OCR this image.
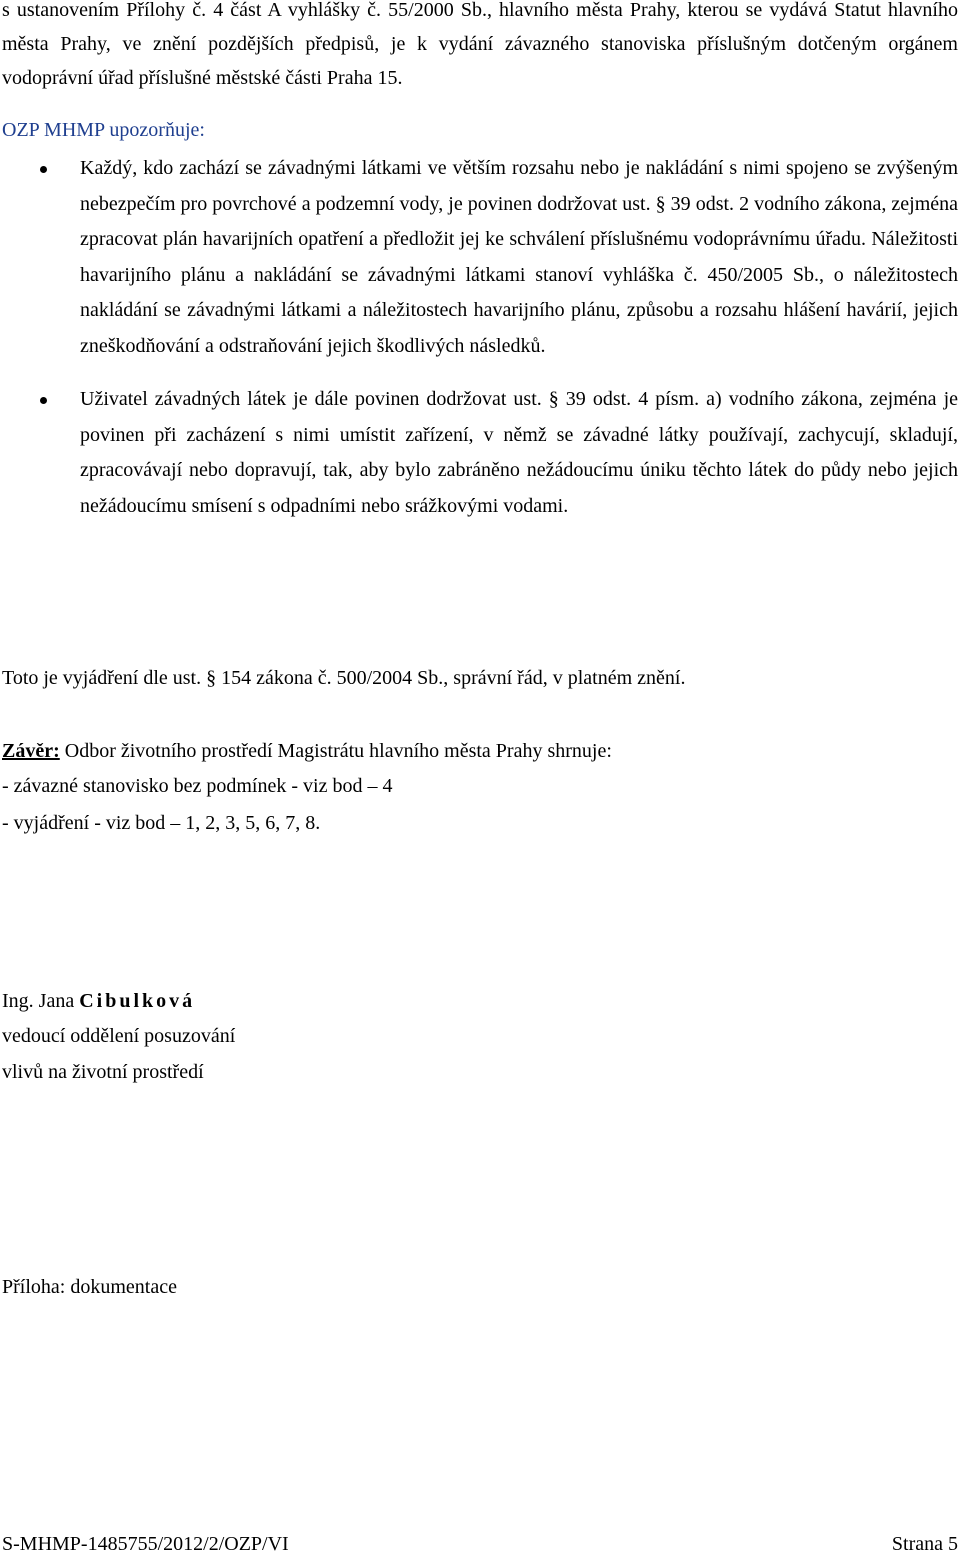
s ustanovením Přílohy č. 4 část A vyhlášky č. 55/2000 Sb., hlavního města Prahy, kterou se vydává Statut hlavního města Prahy, ve znění pozdějších předpisů, je k vydání závazného stanoviska příslušným dotčeným orgánem vodoprávní úřad příslušné městské části Praha 15.

OZP MHMP upozorňuje:
Každý, kdo zachází se závadnými látkami ve větším rozsahu nebo je nakládání s nimi spojeno se zvýšeným nebezpečím pro povrchové a podzemní vody, je povinen dodržovat ust. § 39 odst. 2 vodního zákona, zejména zpracovat plán havarijních opatření a předložit jej ke schválení příslušnému vodoprávnímu úřadu. Náležitosti havarijního plánu a nakládání se závadnými látkami stanoví vyhláška č. 450/2005 Sb., o náležitostech nakládání se závadnými látkami a náležitostech havarijního plánu, způsobu a rozsahu hlášení havárií, jejich zneškodňování a odstraňování jejich škodlivých následků.
Uživatel závadných látek je dále povinen dodržovat ust. § 39 odst. 4 písm. a) vodního zákona, zejména je povinen při zacházení s nimi umístit zařízení, v němž se závadné látky používají, zachycují, skladují, zpracovávají nebo dopravují, tak, aby bylo zabráněno nežádoucímu úniku těchto látek do půdy nebo jejich nežádoucímu smísení s odpadními nebo srážkovými vodami.
Toto je vyjádření dle ust. § 154 zákona č. 500/2004 Sb., správní řád, v platném znění.
Závěr: Odbor životního prostředí Magistrátu hlavního města Prahy shrnuje:
- závazné stanovisko bez podmínek - viz bod – 4
- vyjádření - viz bod – 1, 2, 3, 5, 6, 7, 8.
Ing. Jana Cibulková
vedoucí oddělení posuzování
vlivů na životní prostředí
Příloha: dokumentace
S-MHMP-1485755/2012/2/OZP/VI	Strana 5
